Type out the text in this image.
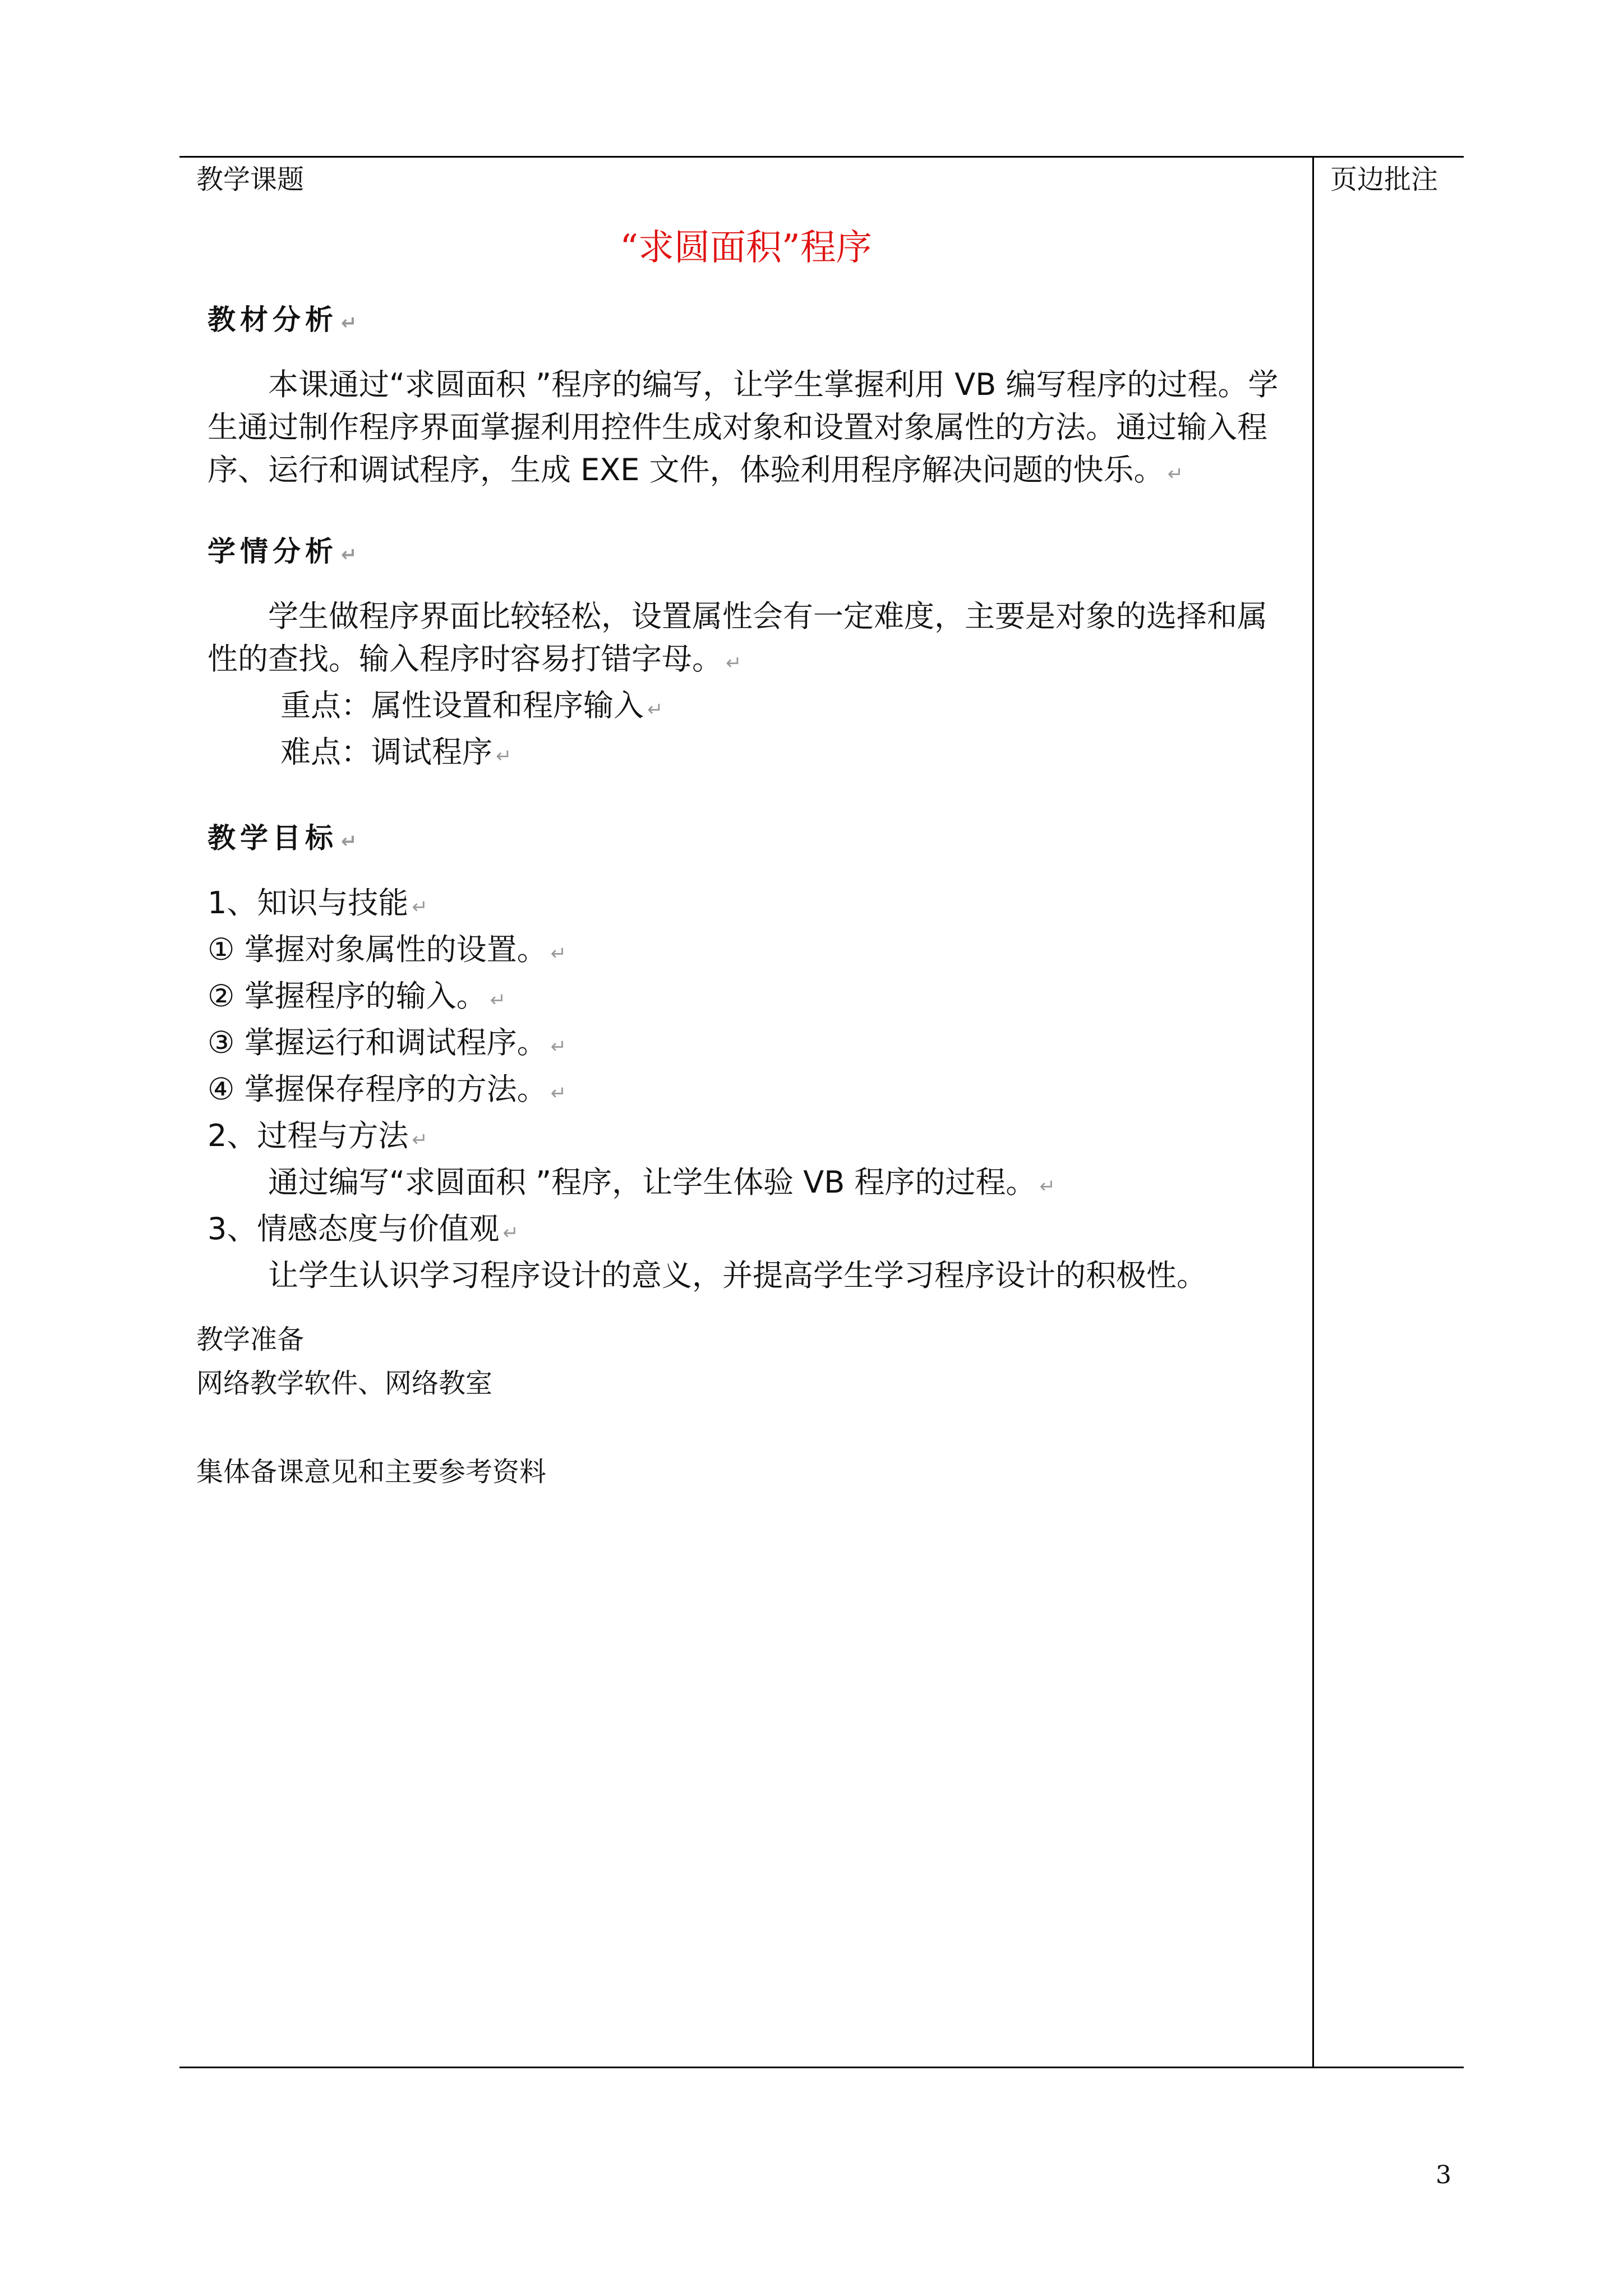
教学课题	页边批注
“求圆面积”程序
教材分析 ↵

本课通过“求圆面积 ”程序的编写，让学生掌握利用 VB 编写程序的过程。学生通过制作程序界面掌握利用控件生成对象和设置对象属性的方法。通过输入程序、运行和调试程序，生成 EXE 文件，体验利用程序解决问题的快乐。 ↵

学情分析 ↵

学生做程序界面比较轻松，设置属性会有一定难度，主要是对象的选择和属性的查找。输入程序时容易打错字母。 ↵

重点：属性设置和程序输入 ↵

难点：调试程序 ↵

教学目标 ↵

1、知识与技能 ↵

① 掌握对象属性的设置。 ↵
② 掌握程序的输入。 ↵
③ 掌握运行和调试程序。 ↵
④ 掌握保存程序的方法。 ↵

2、过程与方法 ↵

通过编写“求圆面积 ”程序，让学生体验 VB 程序的过程。 ↵

3、情感态度与价值观 ↵

让学生认识学习程序设计的意义，并提高学生学习程序设计的积极性。

教学准备
网络教学软件、网络教室
集体备课意见和主要参考资料
3
